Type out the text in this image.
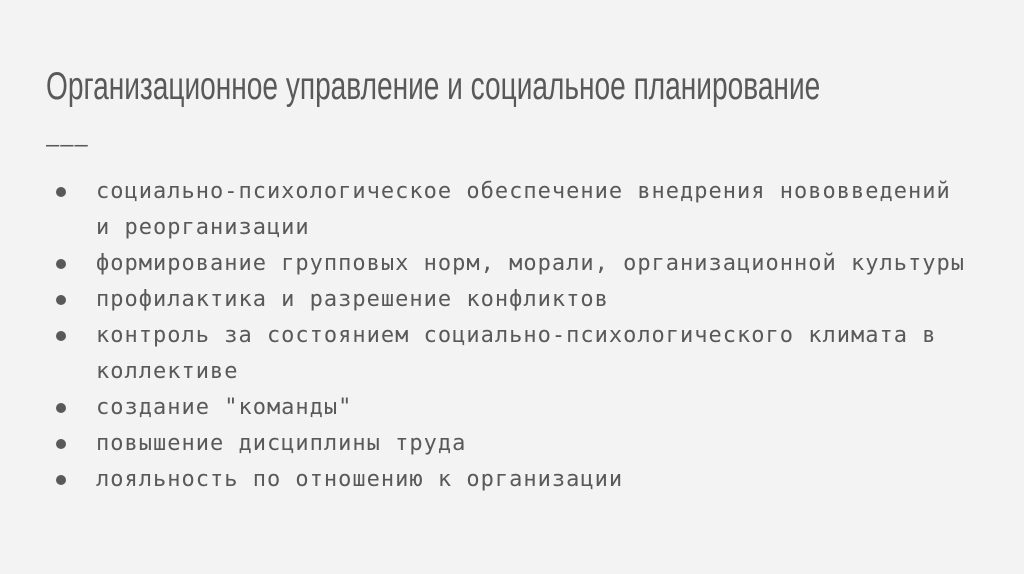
Организационное управление и социальное планирование
———
социально-психологическое обеспечение внедрения нововведений и реорганизации
формирование групповых норм, морали, организационной культуры
профилактика и разрешение конфликтов
контроль за состоянием социально-психологического климата в коллективе
создание "команды"
повышение дисциплины труда
лояльность по отношению к организации
